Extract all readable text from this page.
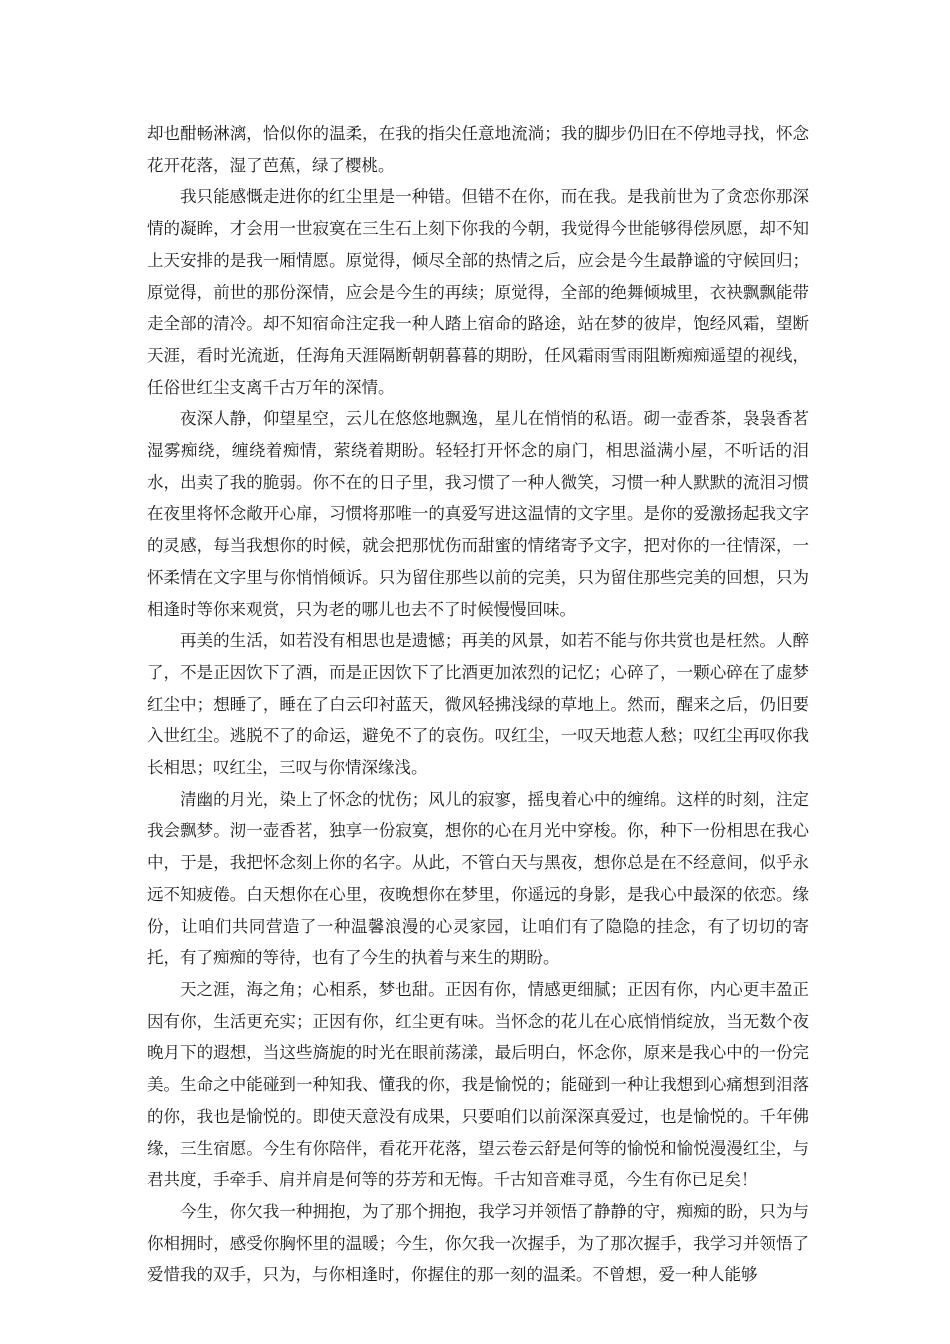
却也酣畅淋漓，恰似你的温柔，在我的指尖任意地流淌；我的脚步仍旧在不停地寻找，怀念花开花落，湿了芭蕉，绿了樱桃。

我只能感慨走进你的红尘里是一种错。但错不在你，而在我。是我前世为了贪恋你那深情的凝眸，才会用一世寂寞在三生石上刻下你我的今朝，我觉得今世能够得偿夙愿，却不知上天安排的是我一厢情愿。原觉得，倾尽全部的热情之后，应会是今生最静谧的守候回归；原觉得，前世的那份深情，应会是今生的再续；原觉得，全部的绝舞倾城里，衣袂飘飘能带走全部的清冷。却不知宿命注定我一种人踏上宿命的路途，站在梦的彼岸，饱经风霜，望断天涯，看时光流逝，任海角天涯隔断朝朝暮暮的期盼，任风霜雨雪雨阻断痴痴遥望的视线，任俗世红尘支离千古万年的深情。

夜深人静，仰望星空，云儿在悠悠地飘逸，星儿在悄悄的私语。砌一壶香茶，袅袅香茗湿雾痴绕，缠绕着痴情，萦绕着期盼。轻轻打开怀念的扇门，相思溢满小屋，不听话的泪水，出卖了我的脆弱。你不在的日子里，我习惯了一种人微笑，习惯一种人默默的流泪习惯在夜里将怀念敞开心扉，习惯将那唯一的真爱写进这温情的文字里。是你的爱激扬起我文字的灵感，每当我想你的时候，就会把那忧伤而甜蜜的情绪寄予文字，把对你的一往情深，一怀柔情在文字里与你悄悄倾诉。只为留住那些以前的完美，只为留住那些完美的回想，只为相逢时等你来观赏，只为老的哪儿也去不了时候慢慢回味。

再美的生活，如若没有相思也是遗憾；再美的风景，如若不能与你共赏也是枉然。人醉了，不是正因饮下了酒，而是正因饮下了比酒更加浓烈的记忆；心碎了，一颗心碎在了虚梦红尘中；想睡了，睡在了白云印衬蓝天，微风轻拂浅绿的草地上。然而，醒来之后，仍旧要入世红尘。逃脱不了的命运，避免不了的哀伤。叹红尘，一叹天地惹人愁；叹红尘再叹你我长相思；叹红尘，三叹与你情深缘浅。

清幽的月光，染上了怀念的忧伤；风儿的寂寥，摇曳着心中的缠绵。这样的时刻，注定我会飘梦。沏一壶香茗，独享一份寂寞，想你的心在月光中穿梭。你，种下一份相思在我心中，于是，我把怀念刻上你的名字。从此，不管白天与黑夜，想你总是在不经意间，似乎永远不知疲倦。白天想你在心里，夜晚想你在梦里，你遥远的身影，是我心中最深的依恋。缘份，让咱们共同营造了一种温馨浪漫的心灵家园，让咱们有了隐隐的挂念，有了切切的寄托，有了痴痴的等待，也有了今生的执着与来生的期盼。

天之涯，海之角；心相系，梦也甜。正因有你，情感更细腻；正因有你，内心更丰盈正因有你，生活更充实；正因有你，红尘更有味。当怀念的花儿在心底悄悄绽放，当无数个夜晚月下的遐想，当这些旖旎的时光在眼前荡漾，最后明白，怀念你，原来是我心中的一份完美。生命之中能碰到一种知我、懂我的你，我是愉悦的；能碰到一种让我想到心痛想到泪落的你，我也是愉悦的。即使天意没有成果，只要咱们以前深深真爱过，也是愉悦的。千年佛缘，三生宿愿。今生有你陪伴，看花开花落，望云卷云舒是何等的愉悦和愉悦漫漫红尘，与君共度，手牵手、肩并肩是何等的芬芳和无悔。千古知音难寻觅，今生有你已足矣！

今生，你欠我一种拥抱，为了那个拥抱，我学习并领悟了静静的守，痴痴的盼，只为与你相拥时，感受你胸怀里的温暖；今生，你欠我一次握手，为了那次握手，我学习并领悟了爱惜我的双手，只为，与你相逢时，你握住的那一刻的温柔。不曾想，爱一种人能够
